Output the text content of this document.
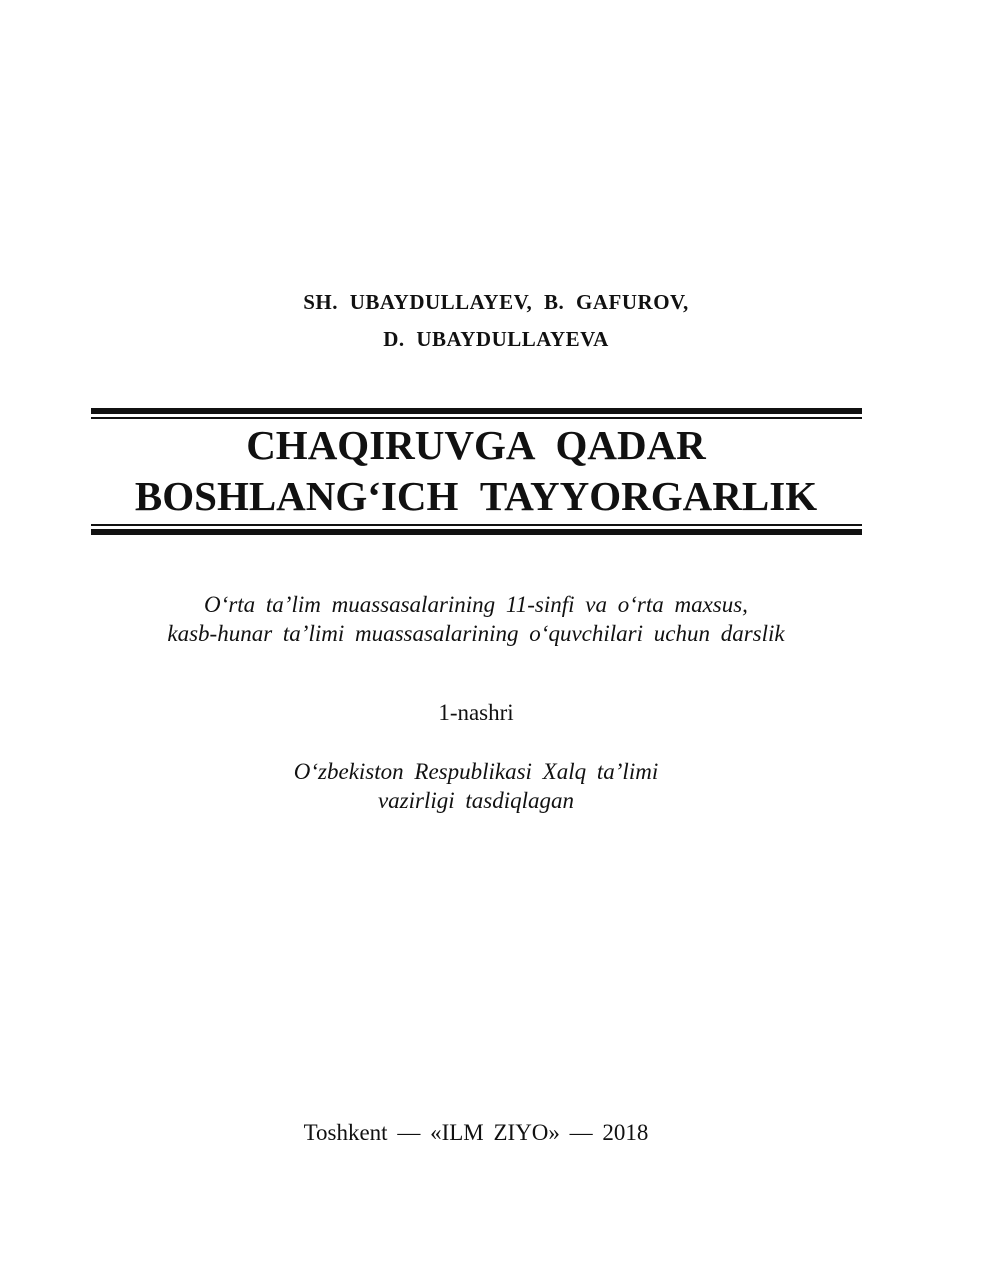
SH. UBAYDULLAYEV, B. GAFUROV,
D. UBAYDULLAYEVA
CHAQIRUVGA QADAR
BOSHLANG‘ICH TAYYORGARLIK
O‘rta ta’lim muassasalarining 11-sinfi va o‘rta maxsus,
kasb-hunar ta’limi muassasalarining o‘quvchilari uchun darslik
1-nashri
O‘zbekiston Respublikasi Xalq ta’limi
vazirligi tasdiqlagan
Toshkent — «ILM ZIYO» — 2018
